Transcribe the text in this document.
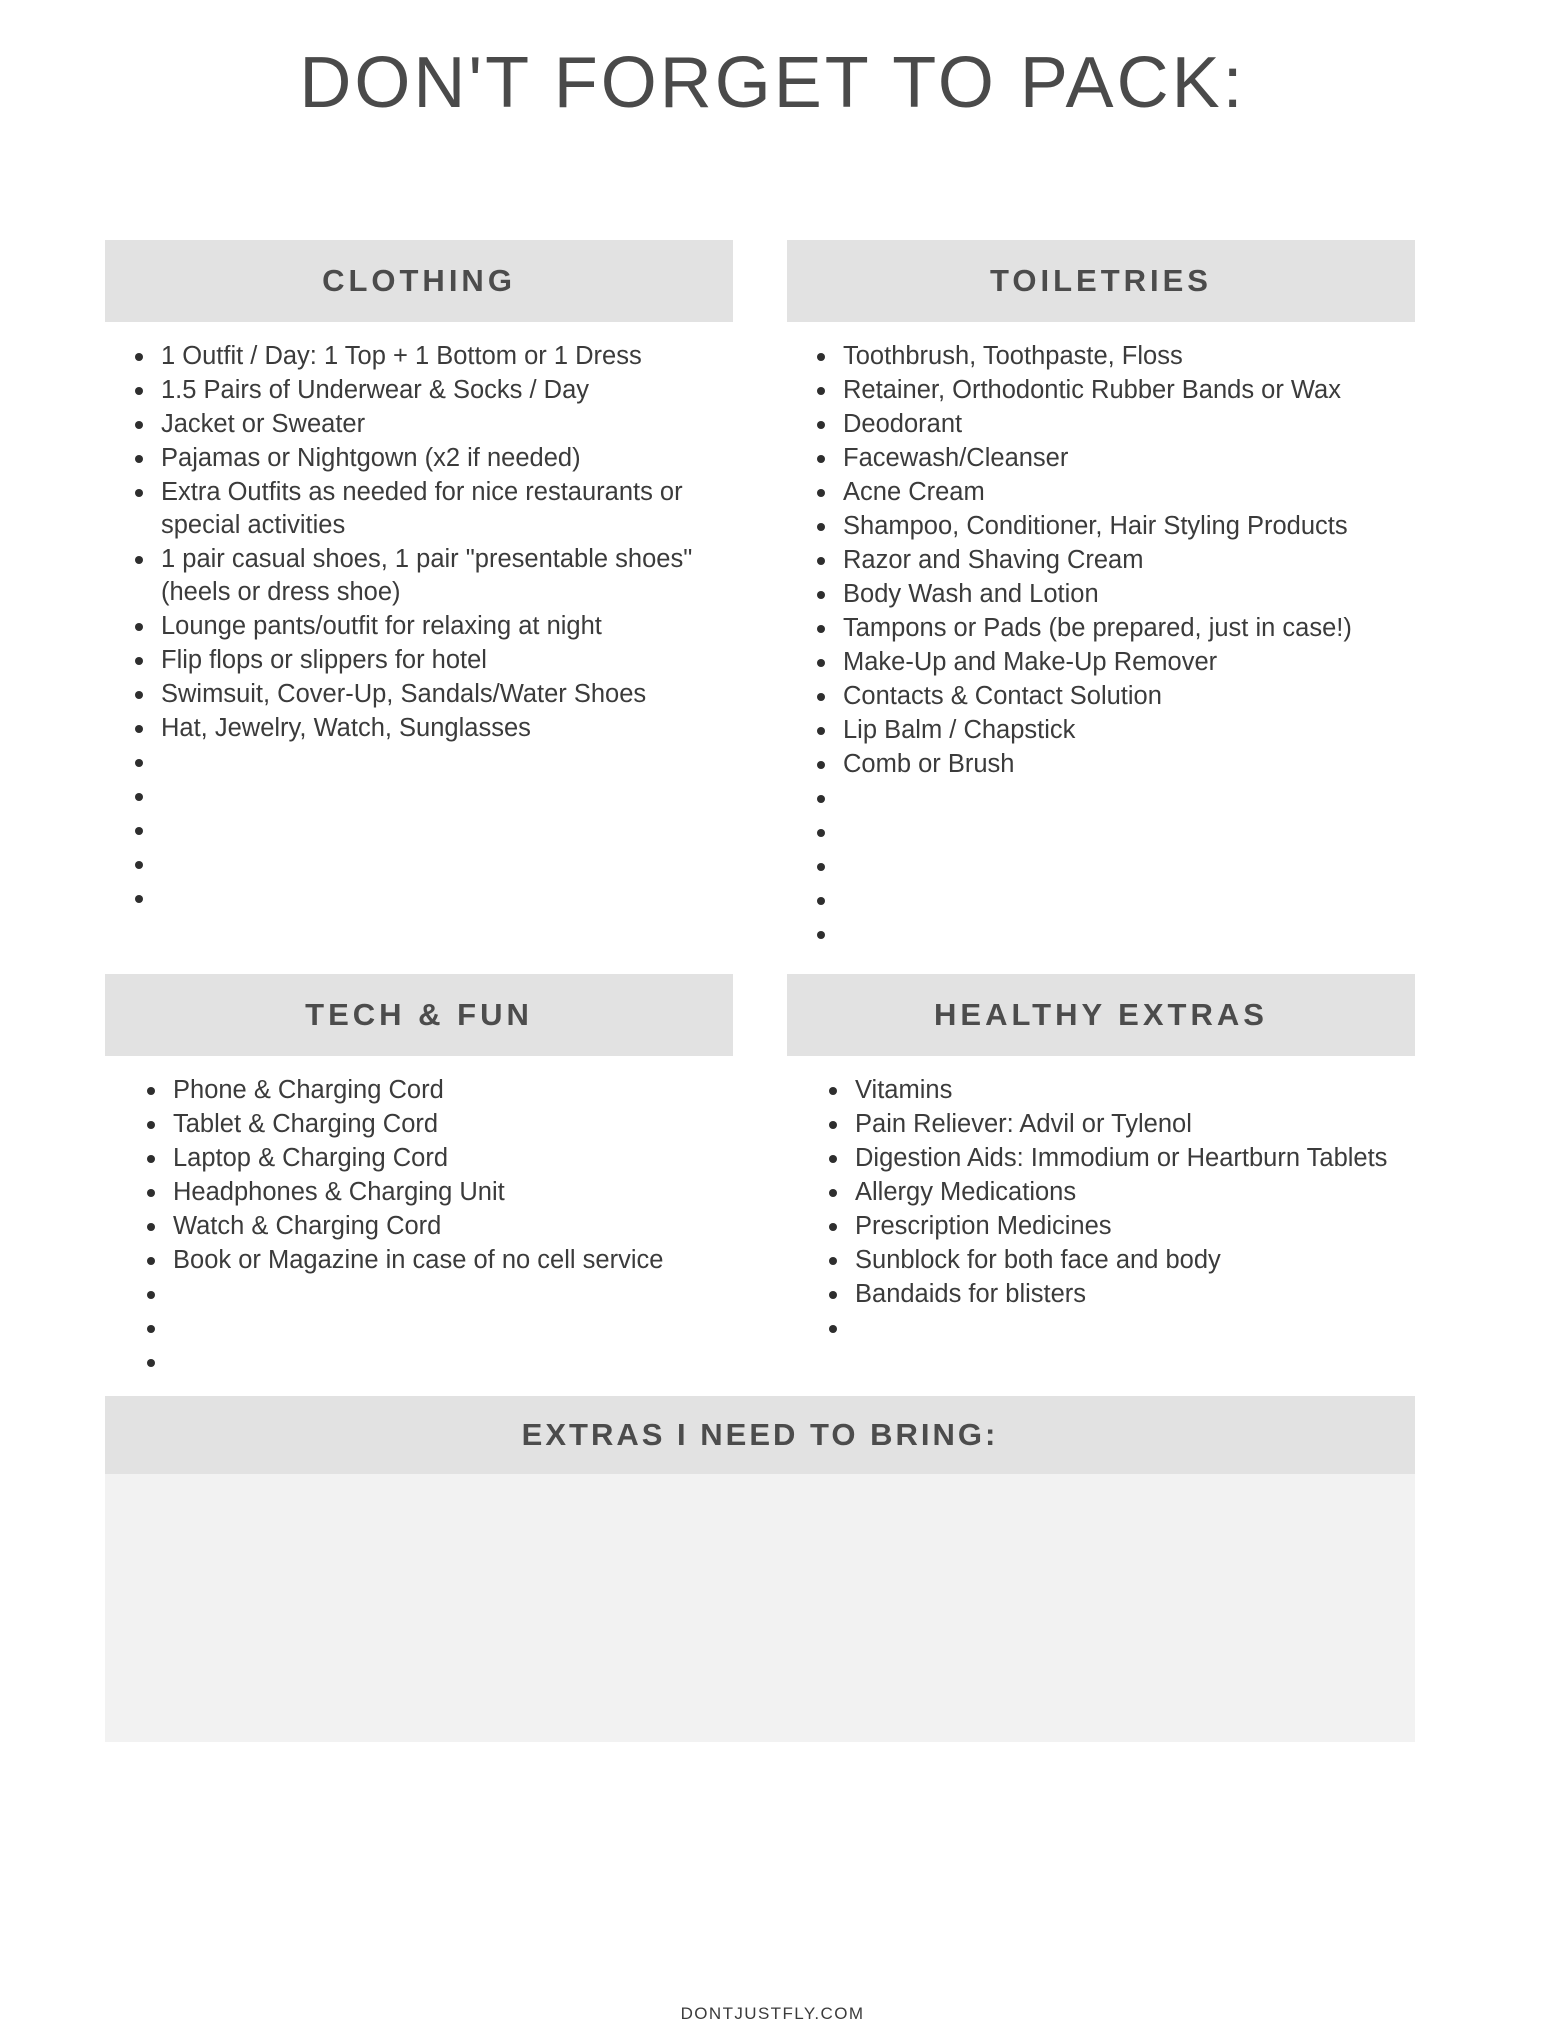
DON'T FORGET TO PACK:
CLOTHING
1 Outfit / Day: 1 Top + 1 Bottom or 1 Dress
1.5 Pairs of Underwear & Socks / Day
Jacket or Sweater
Pajamas or Nightgown (x2 if needed)
Extra Outfits as needed for nice restaurants or special activities
1 pair casual shoes, 1 pair "presentable shoes" (heels or dress shoe)
Lounge pants/outfit for relaxing at night
Flip flops or slippers for hotel
Swimsuit, Cover-Up, Sandals/Water Shoes
Hat, Jewelry, Watch, Sunglasses
TOILETRIES
Toothbrush, Toothpaste, Floss
Retainer, Orthodontic Rubber Bands or Wax
Deodorant
Facewash/Cleanser
Acne Cream
Shampoo, Conditioner, Hair Styling Products
Razor and Shaving Cream
Body Wash and Lotion
Tampons or Pads (be prepared, just in case!)
Make-Up and Make-Up Remover
Contacts & Contact Solution
Lip Balm / Chapstick
Comb or Brush
TECH & FUN
Phone & Charging Cord
Tablet & Charging Cord
Laptop & Charging Cord
Headphones & Charging Unit
Watch & Charging Cord
Book or Magazine in case of no cell service
HEALTHY EXTRAS
Vitamins
Pain Reliever: Advil or Tylenol
Digestion Aids: Immodium or Heartburn Tablets
Allergy Medications
Prescription Medicines
Sunblock for both face and body
Bandaids for blisters
EXTRAS I NEED TO BRING:
DONTJUSTFLY.COM
